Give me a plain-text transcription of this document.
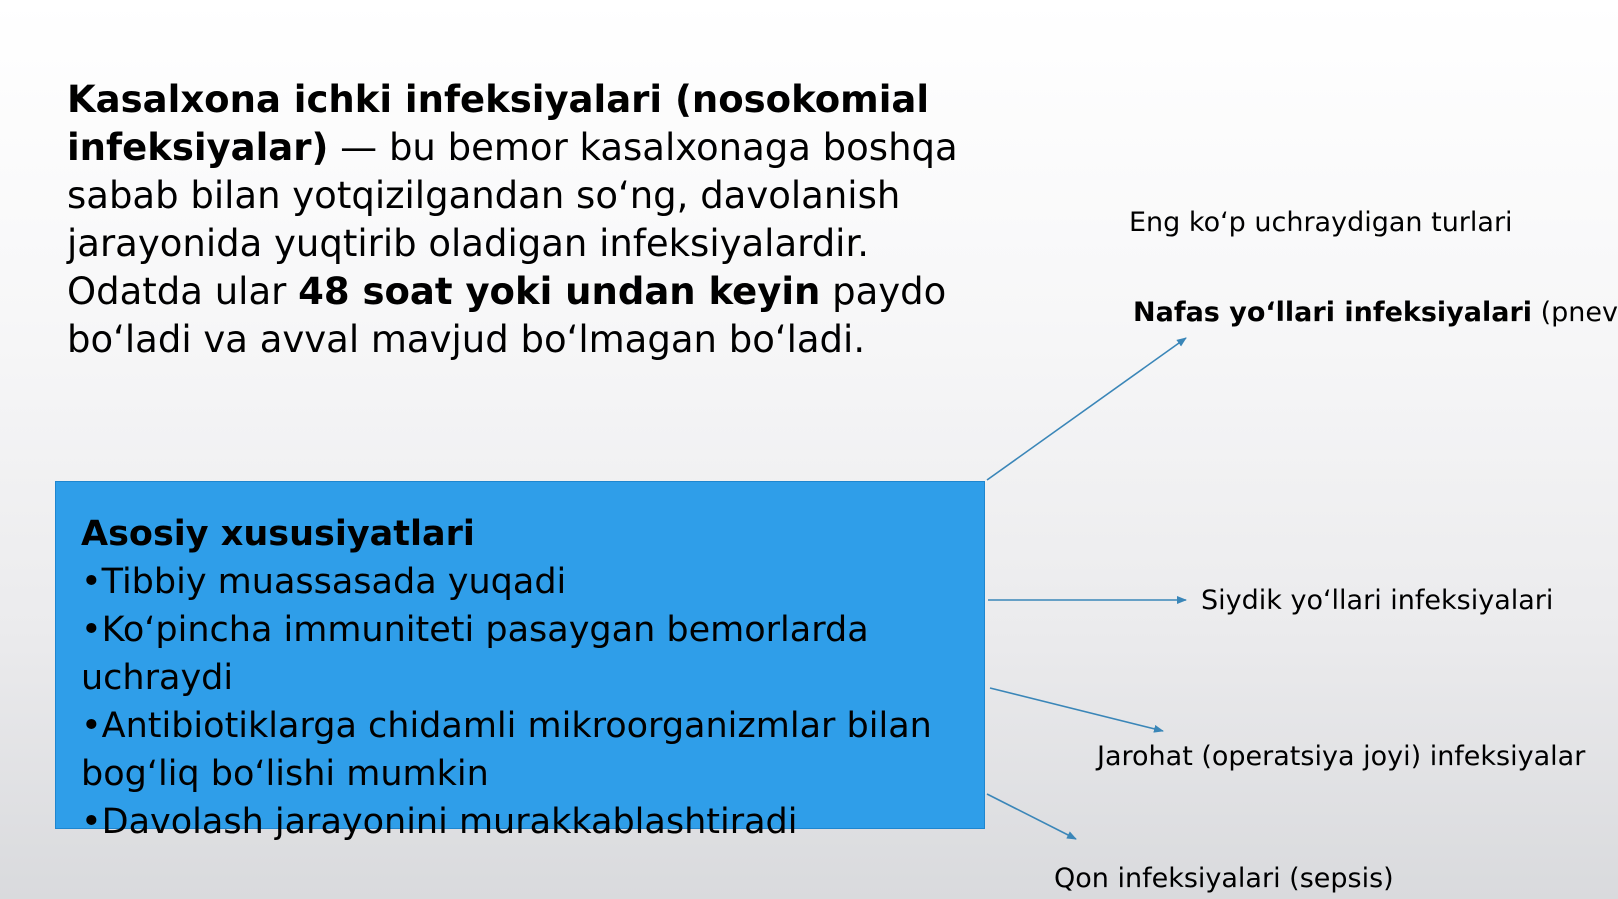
Kasalxona ichki infeksiyalari (nosokomial infeksiyalar) — bu bemor kasalxonaga boshqa sabab bilan yotqizilgandan so‘ng, davolanish jarayonida yuqtirib oladigan infeksiyalardir. Odatda ular 48 soat yoki undan keyin paydo bo‘ladi va avval mavjud bo‘lmagan bo‘ladi.

Asosiy xususiyatlari
•Tibbiy muassasada yuqadi
•Ko‘pincha immuniteti pasaygan bemorlarda uchraydi
•Antibiotiklarga chidamli mikroorganizmlar bilan bog‘liq bo‘lishi mumkin
•Davolash jarayonini murakkablashtiradi

Eng ko‘p uchraydigan turlari
Nafas yo‘llari infeksiyalari (pnev
Siydik yo‘llari infeksiyalari
Jarohat (operatsiya joyi) infeksiyalar
Qon infeksiyalari (sepsis)
